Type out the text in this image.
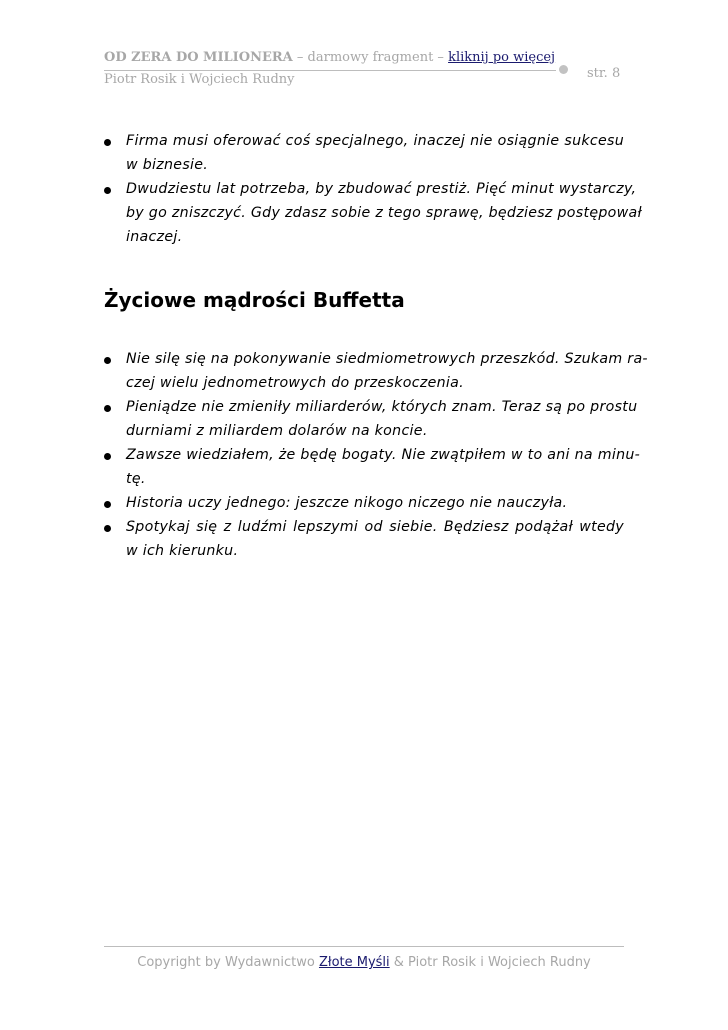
OD ZERA DO MILIONERA – darmowy fragment – kliknij po więcej
Piotr Rosik i Wojciech Rudny	str. 8
Firma musi oferować coś specjalnego, inaczej nie osiągnie sukcesu
w biznesie.
Dwudziestu lat potrzeba, by zbudować prestiż. Pięć minut wystarczy,
by go zniszczyć. Gdy zdasz sobie z tego sprawę, będziesz postępował
inaczej.
Życiowe mądrości Buffetta
Nie silę się na pokonywanie siedmiometrowych przeszkód. Szukam ra-
czej wielu jednometrowych do przeskoczenia.
Pieniądze nie zmieniły miliarderów, których znam. Teraz są po prostu
durniami z miliardem dolarów na koncie.
Zawsze wiedziałem, że będę bogaty. Nie zwątpiłem w to ani na minu-
tę.
Historia uczy jednego: jeszcze nikogo niczego nie nauczyła.
Spotykaj się z ludźmi lepszymi od siebie. Będziesz podążał wtedy
w ich kierunku.
Copyright by Wydawnictwo Złote Myśli & Piotr Rosik i Wojciech Rudny
